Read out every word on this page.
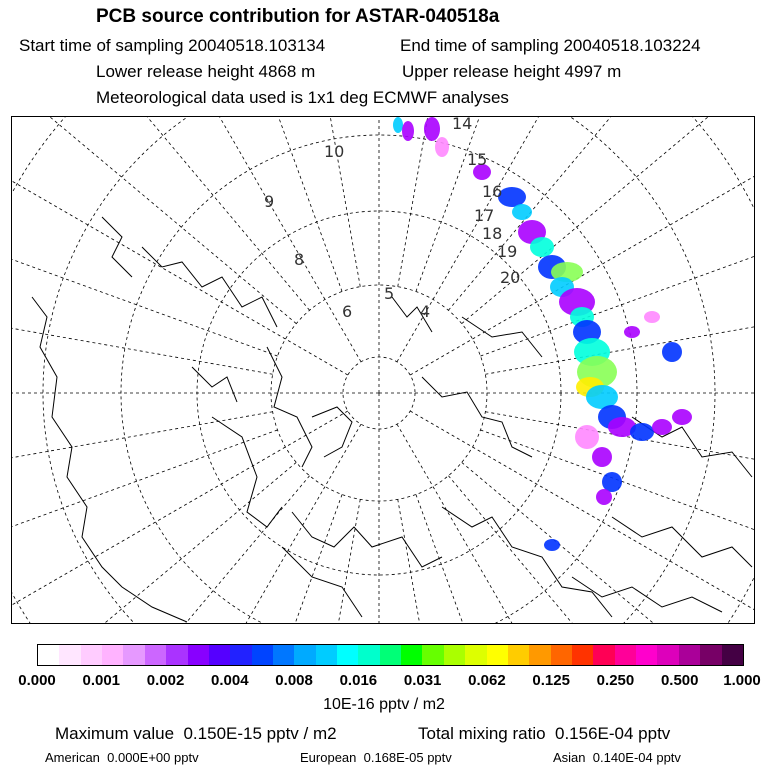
PCB source contribution for ASTAR-040518a
Start time of sampling 20040518.103134	End time of sampling 20040518.103224
Lower release height 4868 m	Upper release height 4997 m
Meteorological data used is 1x1 deg ECMWF analyses
4
5
6
8
9
10
14
15
16
17
18
19
20
0.000 0.001 0.002 0.004 0.008 0.016 0.031 0.062 0.125 0.250 0.500 1.000
10E-16 pptv / m2
Maximum value  0.150E-15 pptv / m2	Total mixing ratio  0.156E-04 pptv
American  0.000E+00 pptv	European  0.168E-05 pptv	Asian  0.140E-04 pptv
